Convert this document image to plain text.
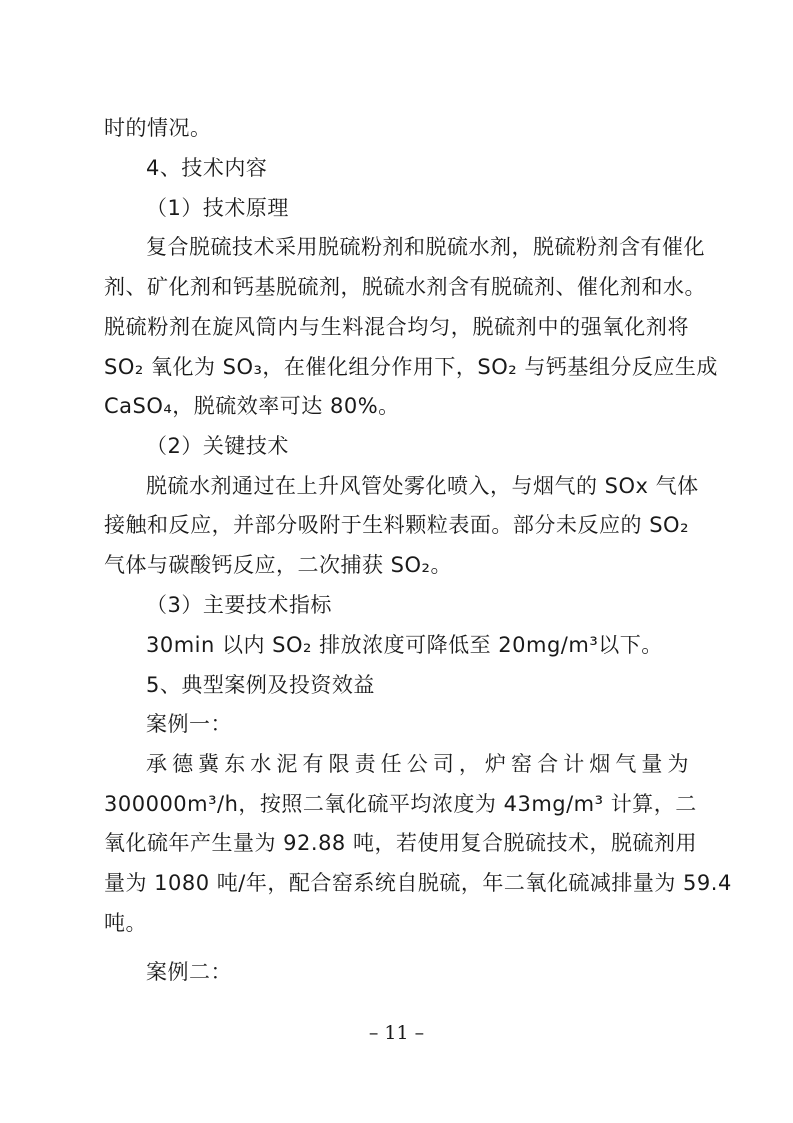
时的情况。
4、技术内容
（1）技术原理
复合脱硫技术采用脱硫粉剂和脱硫水剂，脱硫粉剂含有催化
剂、矿化剂和钙基脱硫剂，脱硫水剂含有脱硫剂、催化剂和水。
脱硫粉剂在旋风筒内与生料混合均匀，脱硫剂中的强氧化剂将
SO₂ 氧化为 SO₃，在催化组分作用下，SO₂ 与钙基组分反应生成
CaSO₄，脱硫效率可达 80%。
（2）关键技术
脱硫水剂通过在上升风管处雾化喷入，与烟气的 SOx 气体
接触和反应，并部分吸附于生料颗粒表面。部分未反应的 SO₂
气体与碳酸钙反应，二次捕获 SO₂。
（3）主要技术指标
30min 以内 SO₂ 排放浓度可降低至 20mg/m³以下。
5、典型案例及投资效益
案例一：
承德冀东水泥有限责任公司，炉窑合计烟气量为
300000m³/h，按照二氧化硫平均浓度为 43mg/m³ 计算，二
氧化硫年产生量为 92.88 吨，若使用复合脱硫技术，脱硫剂用
量为 1080 吨/年，配合窑系统自脱硫，年二氧化硫减排量为 59.4
吨。
案例二：
– 11 –
